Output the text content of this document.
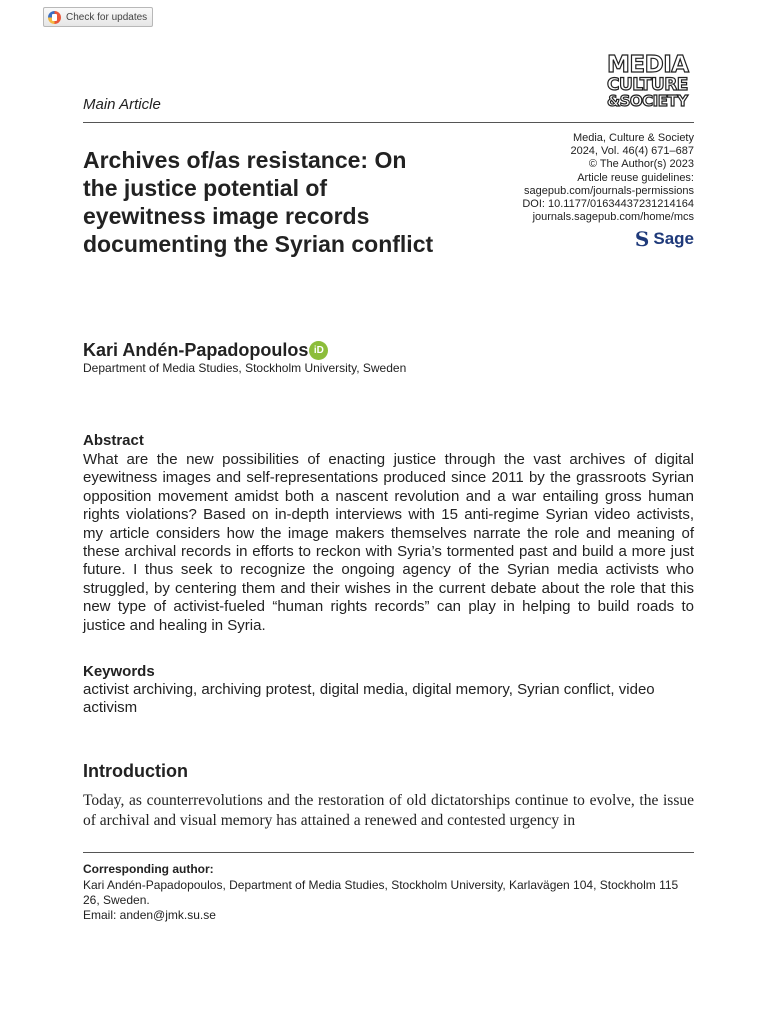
Check for updates
MEDIA
CULTURE
&SOCIETY
Main Article
Archives of/as resistance: On the justice potential of eyewitness image records documenting the Syrian conflict
Media, Culture & Society
2024, Vol. 46(4) 671–687
© The Author(s) 2023
Article reuse guidelines:
sagepub.com/journals-permissions
DOI: 10.1177/01634437231214164
journals.sagepub.com/home/mcs
S Sage
Kari Andén-Papadopoulos iD
Department of Media Studies, Stockholm University, Sweden
Abstract

What are the new possibilities of enacting justice through the vast archives of digital eyewitness images and self-representations produced since 2011 by the grassroots Syrian opposition movement amidst both a nascent revolution and a war entailing gross human rights violations? Based on in-depth interviews with 15 anti-regime Syrian video activists, my article considers how the image makers themselves narrate the role and meaning of these archival records in efforts to reckon with Syria’s tormented past and build a more just future. I thus seek to recognize the ongoing agency of the Syrian media activists who struggled, by centering them and their wishes in the current debate about the role that this new type of activist-fueled “human rights records” can play in helping to build roads to justice and healing in Syria.

Keywords

activist archiving, archiving protest, digital media, digital memory, Syrian conflict, video activism

Introduction

Today, as counterrevolutions and the restoration of old dictatorships continue to evolve, the issue of archival and visual memory has attained a renewed and contested urgency in

Corresponding author:

Kari Andén-Papadopoulos, Department of Media Studies, Stockholm University, Karlavägen 104, Stockholm 115 26, Sweden.

Email: anden@jmk.su.se
